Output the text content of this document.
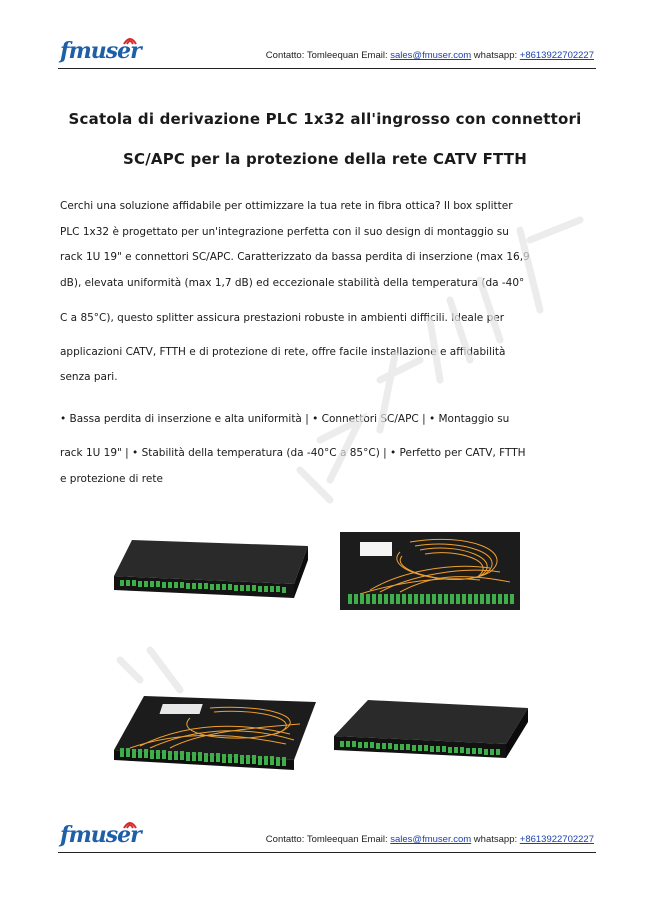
fmuser	Contatto: Tomleequan Email: sales@fmuser.com whatsapp: +8613922702227
Scatola di derivazione PLC 1x32 all'ingrosso con connettori
SC/APC per la protezione della rete CATV FTTH
Cerchi una soluzione affidabile per ottimizzare la tua rete in fibra ottica? Il box splitter
PLC 1x32 è progettato per un'integrazione perfetta con il suo design di montaggio su
rack 1U 19" e connettori SC/APC. Caratterizzato da bassa perdita di inserzione (max 16,9
dB), elevata uniformità (max 1,7 dB) ed eccezionale stabilità della temperatura (da -40°
C a 85°C), questo splitter assicura prestazioni robuste in ambienti difficili. Ideale per
applicazioni CATV, FTTH e di protezione di rete, offre facile installazione e affidabilità
senza pari.
• Bassa perdita di inserzione e alta uniformità | • Connettori SC/APC | • Montaggio su
rack 1U 19" | • Stabilità della temperatura (da -40°C a 85°C) | • Perfetto per CATV, FTTH
e protezione di rete
fmuser	Contatto: Tomleequan Email: sales@fmuser.com whatsapp: +8613922702227
